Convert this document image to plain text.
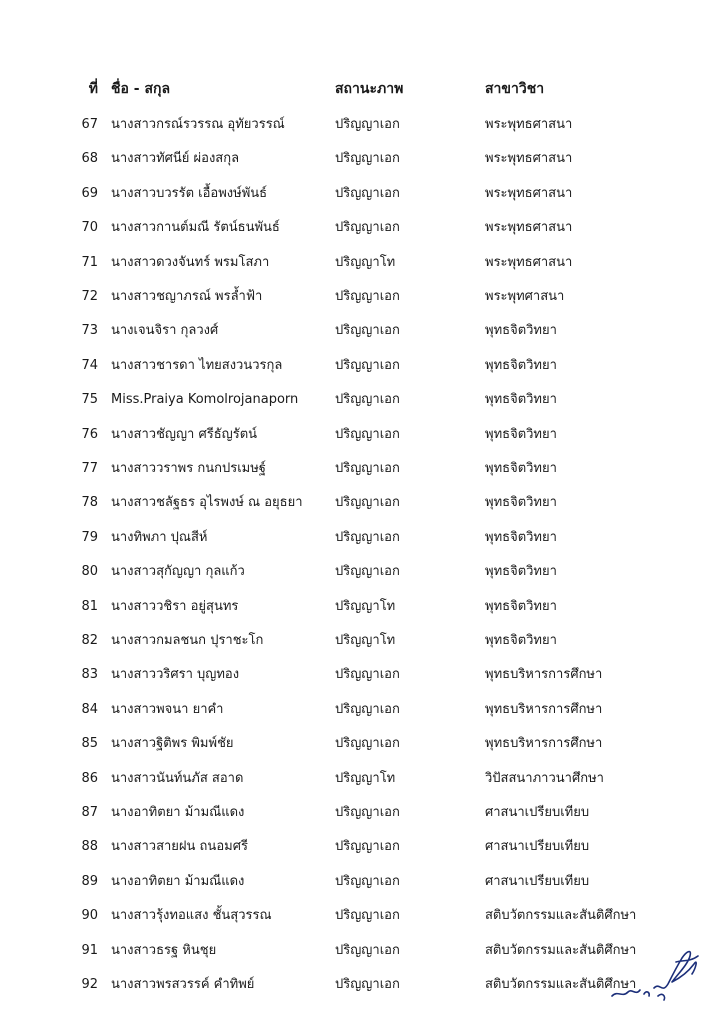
ที่ ชื่อ - สกุล	สถานะภาพ	สาขาวิชา
67 นางสาวกรณ์รวรรณ อุทัยวรรณ์	ปริญญาเอก	พระพุทธศาสนา
68 นางสาวทัศนีย์ ผ่องสกุล	ปริญญาเอก	พระพุทธศาสนา
69 นางสาวบวรรัต เอื้อพงษ์พันธ์	ปริญญาเอก	พระพุทธศาสนา
70 นางสาวกานต์มณี รัตน์ธนพันธ์	ปริญญาเอก	พระพุทธศาสนา
71 นางสาวดวงจันทร์ พรมโสภา	ปริญญาโท	พระพุทธศาสนา
72 นางสาวชญาภรณ์ พรล้ำฟ้า	ปริญญาเอก	พระพุทศาสนา
73 นางเจนจิรา กุลวงศ์	ปริญญาเอก	พุทธจิตวิทยา
74 นางสาวชารดา ไทยสงวนวรกุล	ปริญญาเอก	พุทธจิตวิทยา
75 Miss.Praiya Komolrojanaporn	ปริญญาเอก	พุทธจิตวิทยา
76 นางสาวชัญญา ศรีธัญรัตน์	ปริญญาเอก	พุทธจิตวิทยา
77 นางสาววราพร กนกปรเมษฐ์	ปริญญาเอก	พุทธจิตวิทยา
78 นางสาวชลัฐธร อุไรพงษ์ ณ อยุธยา	ปริญญาเอก	พุทธจิตวิทยา
79 นางทิพภา ปุณสีห์	ปริญญาเอก	พุทธจิตวิทยา
80 นางสาวสุกัญญา กุลแก้ว	ปริญญาเอก	พุทธจิตวิทยา
81 นางสาววชิรา อยู่สุนทร	ปริญญาโท	พุทธจิตวิทยา
82 นางสาวกมลชนก ปุราชะโก	ปริญญาโท	พุทธจิตวิทยา
83 นางสาววริศรา บุญทอง	ปริญญาเอก	พุทธบริหารการศึกษา
84 นางสาวพจนา ยาคำ	ปริญญาเอก	พุทธบริหารการศึกษา
85 นางสาวฐิติพร พิมพ์ชัย	ปริญญาเอก	พุทธบริหารการศึกษา
86 นางสาวนันท์นภัส สอาด	ปริญญาโท	วิปัสสนาภาวนาศึกษา
87 นางอาทิตยา ม้ามณีแดง	ปริญญาเอก	ศาสนาเปรียบเทียบ
88 นางสาวสายฝน ถนอมศรี	ปริญญาเอก	ศาสนาเปรียบเทียบ
89 นางอาทิตยา ม้ามณีแดง	ปริญญาเอก	ศาสนาเปรียบเทียบ
90 นางสาวรุ้งทอแสง ชั้นสุวรรณ	ปริญญาเอก	สติบวัตกรรมและสันติศึกษา
91 นางสาวธรฐ หินชุย	ปริญญาเอก	สติบวัตกรรมและสันติศึกษา
92 นางสาวพรสวรรค์ คำทิพย์	ปริญญาเอก	สติบวัตกรรมและสันติศึกษา
